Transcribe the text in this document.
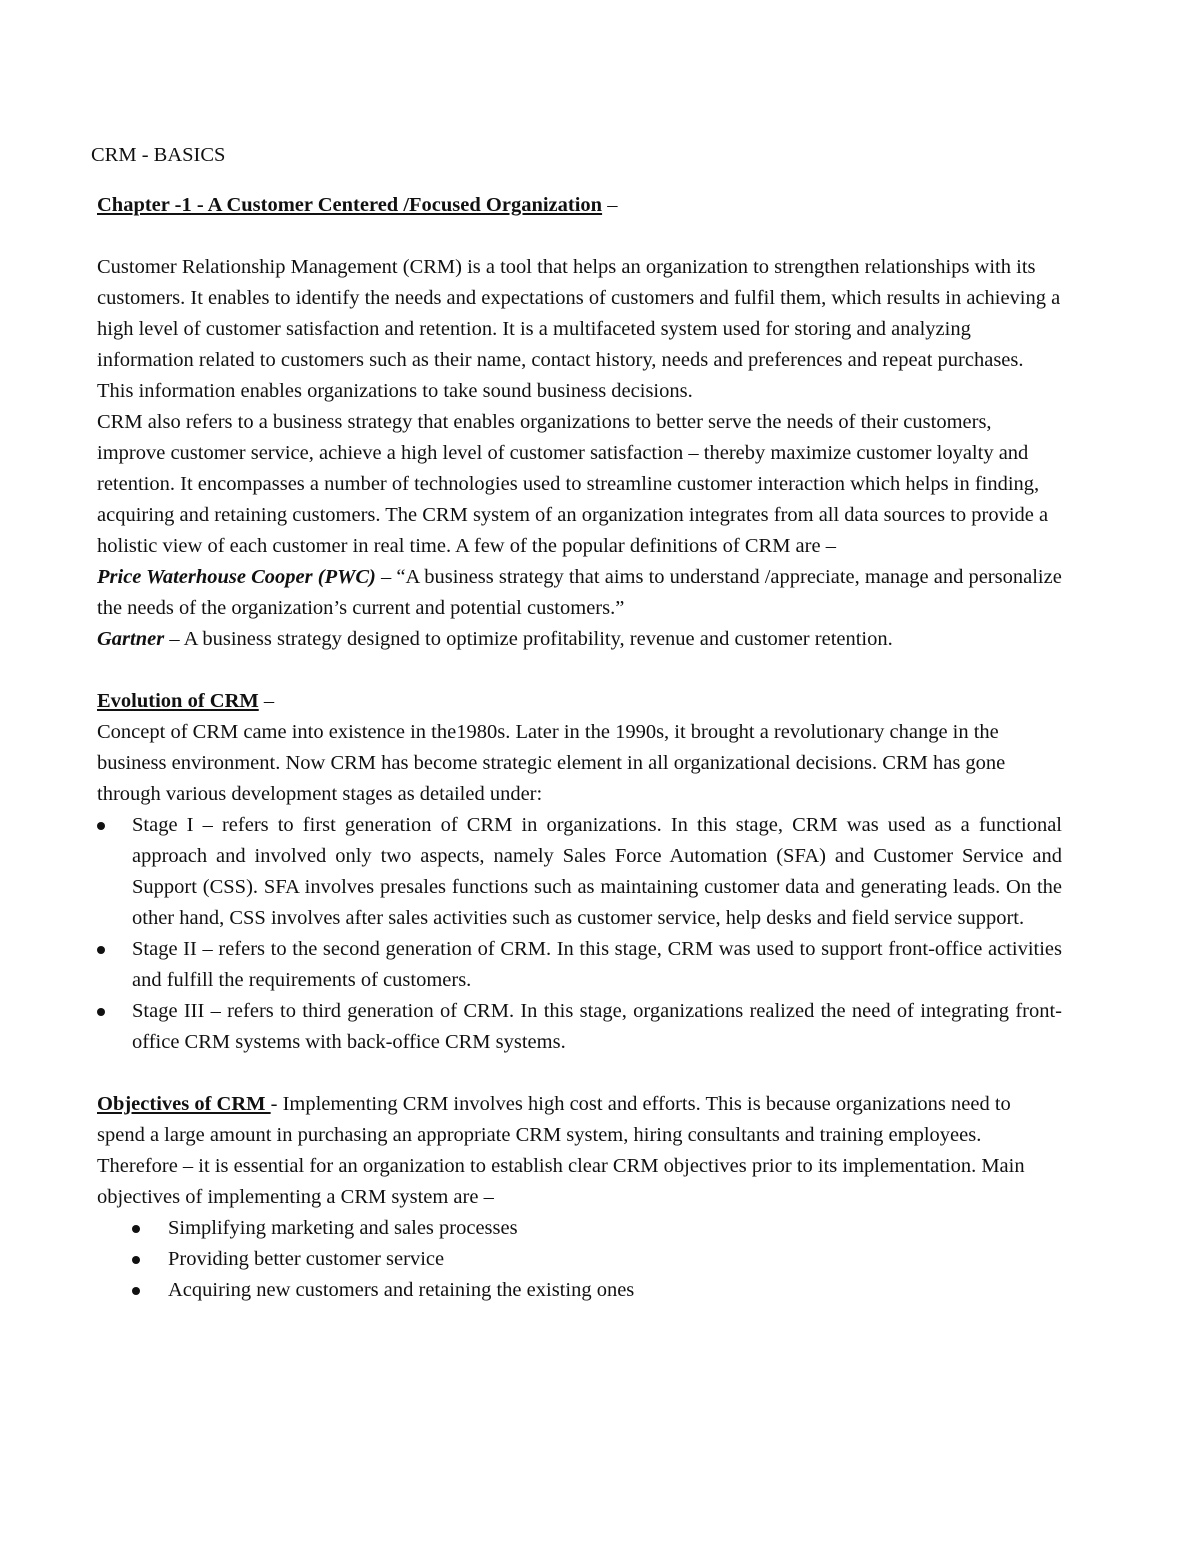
CRM - BASICS
Chapter -1 - A Customer Centered /Focused Organization –

Customer Relationship Management (CRM) is a tool that helps an organization to strengthen relationships with its customers. It enables to identify the needs and expectations of customers and fulfil them, which results in achieving a high level of customer satisfaction and retention. It is a multifaceted system used for storing and analyzing information related to customers such as their name, contact history, needs and preferences and repeat purchases. This information enables organizations to take sound business decisions.

CRM also refers to a business strategy that enables organizations to better serve the needs of their customers, improve customer service, achieve a high level of customer satisfaction – thereby maximize customer loyalty and retention. It encompasses a number of technologies used to streamline customer interaction which helps in finding, acquiring and retaining customers. The CRM system of an organization integrates from all data sources to provide a holistic view of each customer in real time. A few of the popular definitions of CRM are –

Price Waterhouse Cooper (PWC) – “A business strategy that aims to understand /appreciate, manage and personalize the needs of the organization’s current and potential customers.”

Gartner – A business strategy designed to optimize profitability, revenue and customer retention.

Evolution of CRM –

Concept of CRM came into existence in the1980s. Later in the 1990s, it brought a revolutionary change in the business environment. Now CRM has become strategic element in all organizational decisions. CRM has gone through various development stages as detailed under:

Stage I – refers to first generation of CRM in organizations. In this stage, CRM was used as a functional approach and involved only two aspects, namely Sales Force Automation (SFA) and Customer Service and Support (CSS). SFA involves presales functions such as maintaining customer data and generating leads. On the other hand, CSS involves after sales activities such as customer service, help desks and field service support.
Stage II – refers to the second generation of CRM. In this stage, CRM was used to support front-office activities and fulfill the requirements of customers.
Stage III – refers to third generation of CRM. In this stage, organizations realized the need of integrating front-office CRM systems with back-office CRM systems.

Objectives of CRM - Implementing CRM involves high cost and efforts. This is because organizations need to spend a large amount in purchasing an appropriate CRM system, hiring consultants and training employees. Therefore – it is essential for an organization to establish clear CRM objectives prior to its implementation. Main objectives of implementing a CRM system are –

Simplifying marketing and sales processes
Providing better customer service
Acquiring new customers and retaining the existing ones
